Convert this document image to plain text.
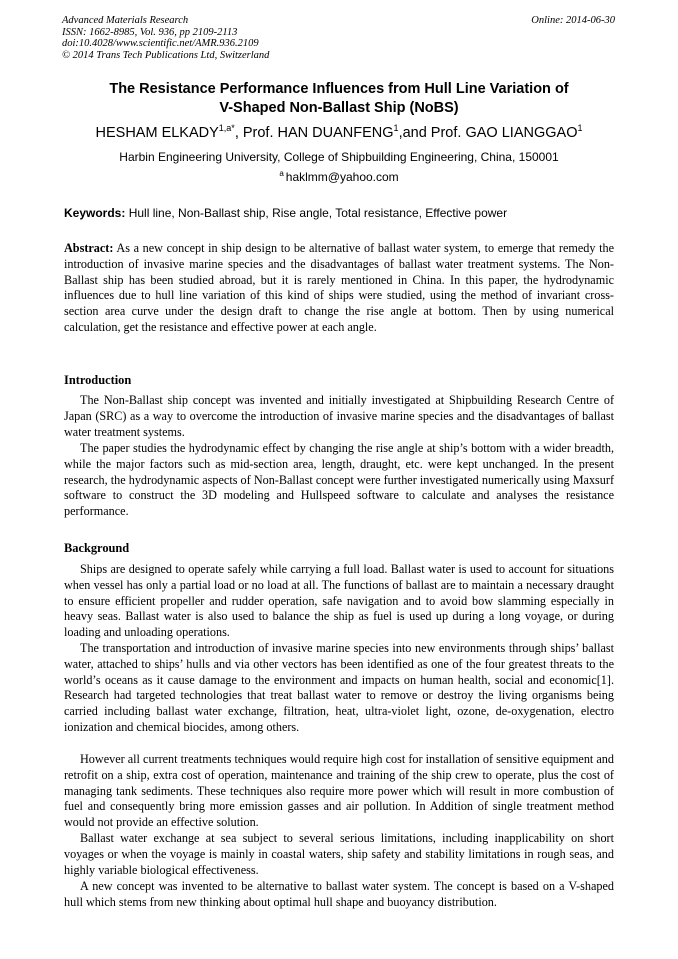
Advanced Materials Research
ISSN: 1662-8985, Vol. 936, pp 2109-2113
doi:10.4028/www.scientific.net/AMR.936.2109
© 2014 Trans Tech Publications Ltd, Switzerland
Online: 2014-06-30
The Resistance Performance Influences from Hull Line Variation of
V-Shaped Non-Ballast Ship (NoBS)
HESHAM $ELKADY^{1,a*}$, Prof. HAN DUANFENG$^1$,and Prof. GAO LIANGGAO$^1$
Harbin Engineering University, College of Shipbuilding Engineering, China, 150001
$^a$ haklmm@yahoo.com
Keywords: Hull line, Non-Ballast ship, Rise angle, Total resistance, Effective power
Abstract: As a new concept in ship design to be alternative of ballast water system, to emerge that remedy the introduction of invasive marine species and the disadvantages of ballast water treatment systems. The Non-Ballast ship has been studied abroad, but it is rarely mentioned in China. In this paper, the hydrodynamic influences due to hull line variation of this kind of ships were studied, using the method of invariant cross-section area curve under the design draft to change the rise angle at bottom. Then by using numerical calculation, get the resistance and effective power at each angle.
Introduction
The Non-Ballast ship concept was invented and initially investigated at Shipbuilding Research Centre of Japan (SRC) as a way to overcome the introduction of invasive marine species and the disadvantages of ballast water treatment systems.
The paper studies the hydrodynamic effect by changing the rise angle at ship’s bottom with a wider breadth, while the major factors such as mid-section area, length, draught, etc. were kept unchanged. In the present research, the hydrodynamic aspects of Non-Ballast concept were further investigated numerically using Maxsurf software to construct the 3D modeling and Hullspeed software to calculate and analyses the resistance performance.
Background
Ships are designed to operate safely while carrying a full load. Ballast water is used to account for situations when vessel has only a partial load or no load at all. The functions of ballast are to maintain a necessary draught to ensure efficient propeller and rudder operation, safe navigation and to avoid bow slamming especially in heavy seas. Ballast water is also used to balance the ship as fuel is used up during a long voyage, or during loading and unloading operations.
The transportation and introduction of invasive marine species into new environments through ships’ ballast water, attached to ships’ hulls and via other vectors has been identified as one of the four greatest threats to the world’s oceans as it cause damage to the environment and impacts on human health, social and economic[1]. Research had targeted technologies that treat ballast water to remove or destroy the living organisms being carried including ballast water exchange, filtration, heat, ultra-violet light, ozone, de-oxygenation, electro ionization and chemical biocides, among others.
However all current treatments techniques would require high cost for installation of sensitive equipment and retrofit on a ship, extra cost of operation, maintenance and training of the ship crew to operate, plus the cost of managing tank sediments. These techniques also require more power which will result in more combustion of fuel and consequently bring more emission gasses and air pollution. In Addition of single treatment method would not provide an effective solution.
Ballast water exchange at sea subject to several serious limitations, including inapplicability on short voyages or when the voyage is mainly in coastal waters, ship safety and stability limitations in rough seas, and highly variable biological effectiveness.
A new concept was invented to be alternative to ballast water system. The concept is based on a V-shaped hull which stems from new thinking about optimal hull shape and buoyancy distribution.
